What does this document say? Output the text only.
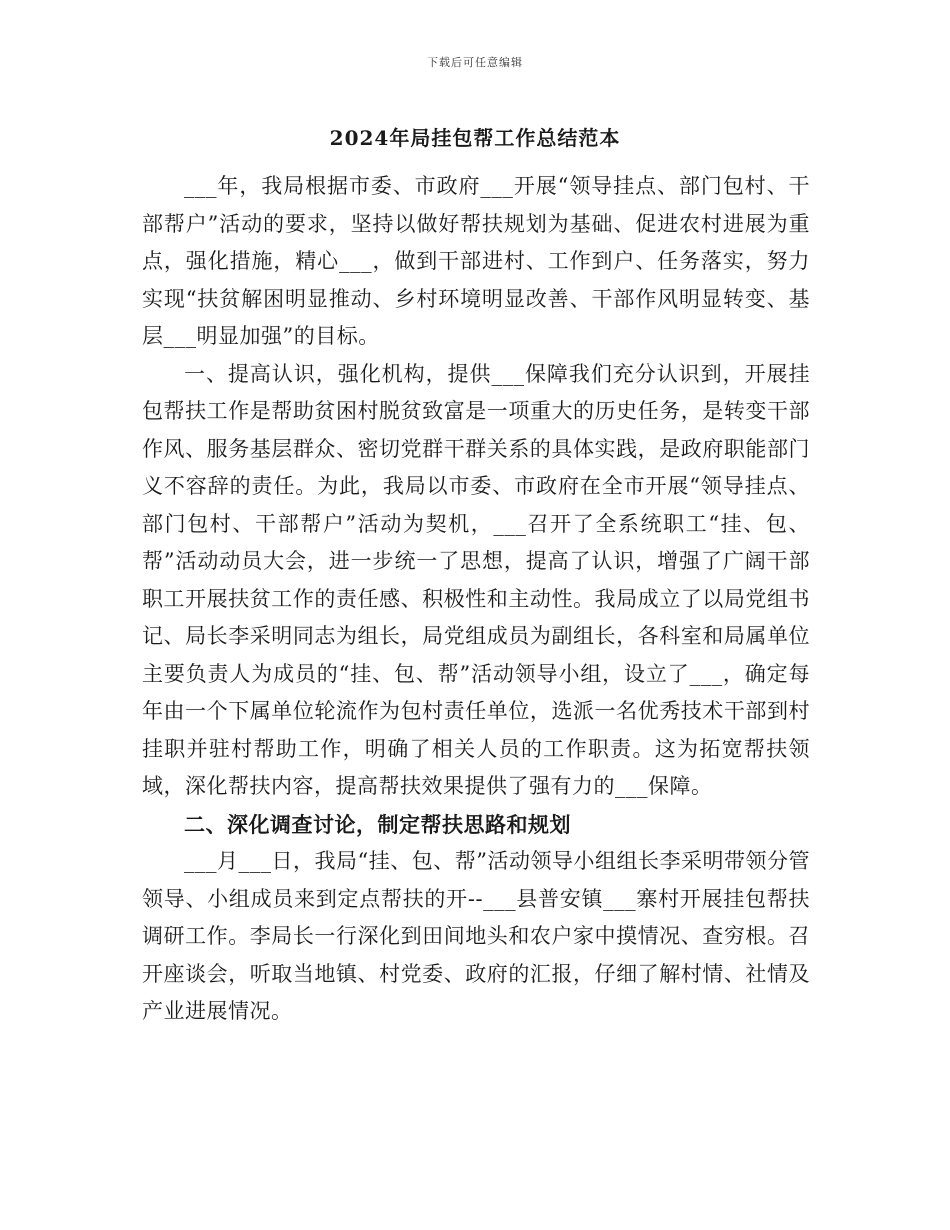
下载后可任意编辑
2024年局挂包帮工作总结范本

___年，我局根据市委、市政府___开展“领导挂点、部门包村、干部帮户”活动的要求，坚持以做好帮扶规划为基础、促进农村进展为重点，强化措施，精心___，做到干部进村、工作到户、任务落实，努力实现“扶贫解困明显推动、乡村环境明显改善、干部作风明显转变、基层___明显加强”的目标。

一、提高认识，强化机构，提供___保障我们充分认识到，开展挂包帮扶工作是帮助贫困村脱贫致富是一项重大的历史任务，是转变干部作风、服务基层群众、密切党群干群关系的具体实践，是政府职能部门义不容辞的责任。为此，我局以市委、市政府在全市开展“领导挂点、部门包村、干部帮户”活动为契机，___召开了全系统职工“挂、包、帮”活动动员大会，进一步统一了思想，提高了认识，增强了广阔干部职工开展扶贫工作的责任感、积极性和主动性。我局成立了以局党组书记、局长李采明同志为组长，局党组成员为副组长，各科室和局属单位主要负责人为成员的“挂、包、帮”活动领导小组，设立了___，确定每年由一个下属单位轮流作为包村责任单位，选派一名优秀技术干部到村挂职并驻村帮助工作，明确了相关人员的工作职责。这为拓宽帮扶领域，深化帮扶内容，提高帮扶效果提供了强有力的___保障。

二、深化调查讨论，制定帮扶思路和规划

___月___日，我局“挂、包、帮”活动领导小组组长李采明带领分管领导、小组成员来到定点帮扶的开--___县普安镇___寨村开展挂包帮扶调研工作。李局长一行深化到田间地头和农户家中摸情况、查穷根。召开座谈会，听取当地镇、村党委、政府的汇报，仔细了解村情、社情及产业进展情况。
